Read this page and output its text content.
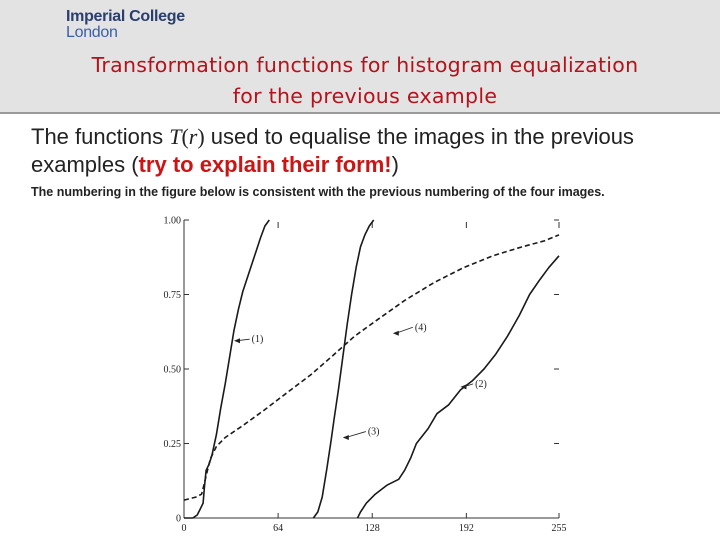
Imperial College
London
Transformation functions for histogram equalization
for the previous example
The functions T(r) used to equalise the images in the previous examples (try to explain their form!)
The numbering in the figure below is consistent with the previous numbering of the four images.
0
0.25
0.50
0.75
1.00
0	64	128	192	255
(1)
(2)
(3)
(4)
